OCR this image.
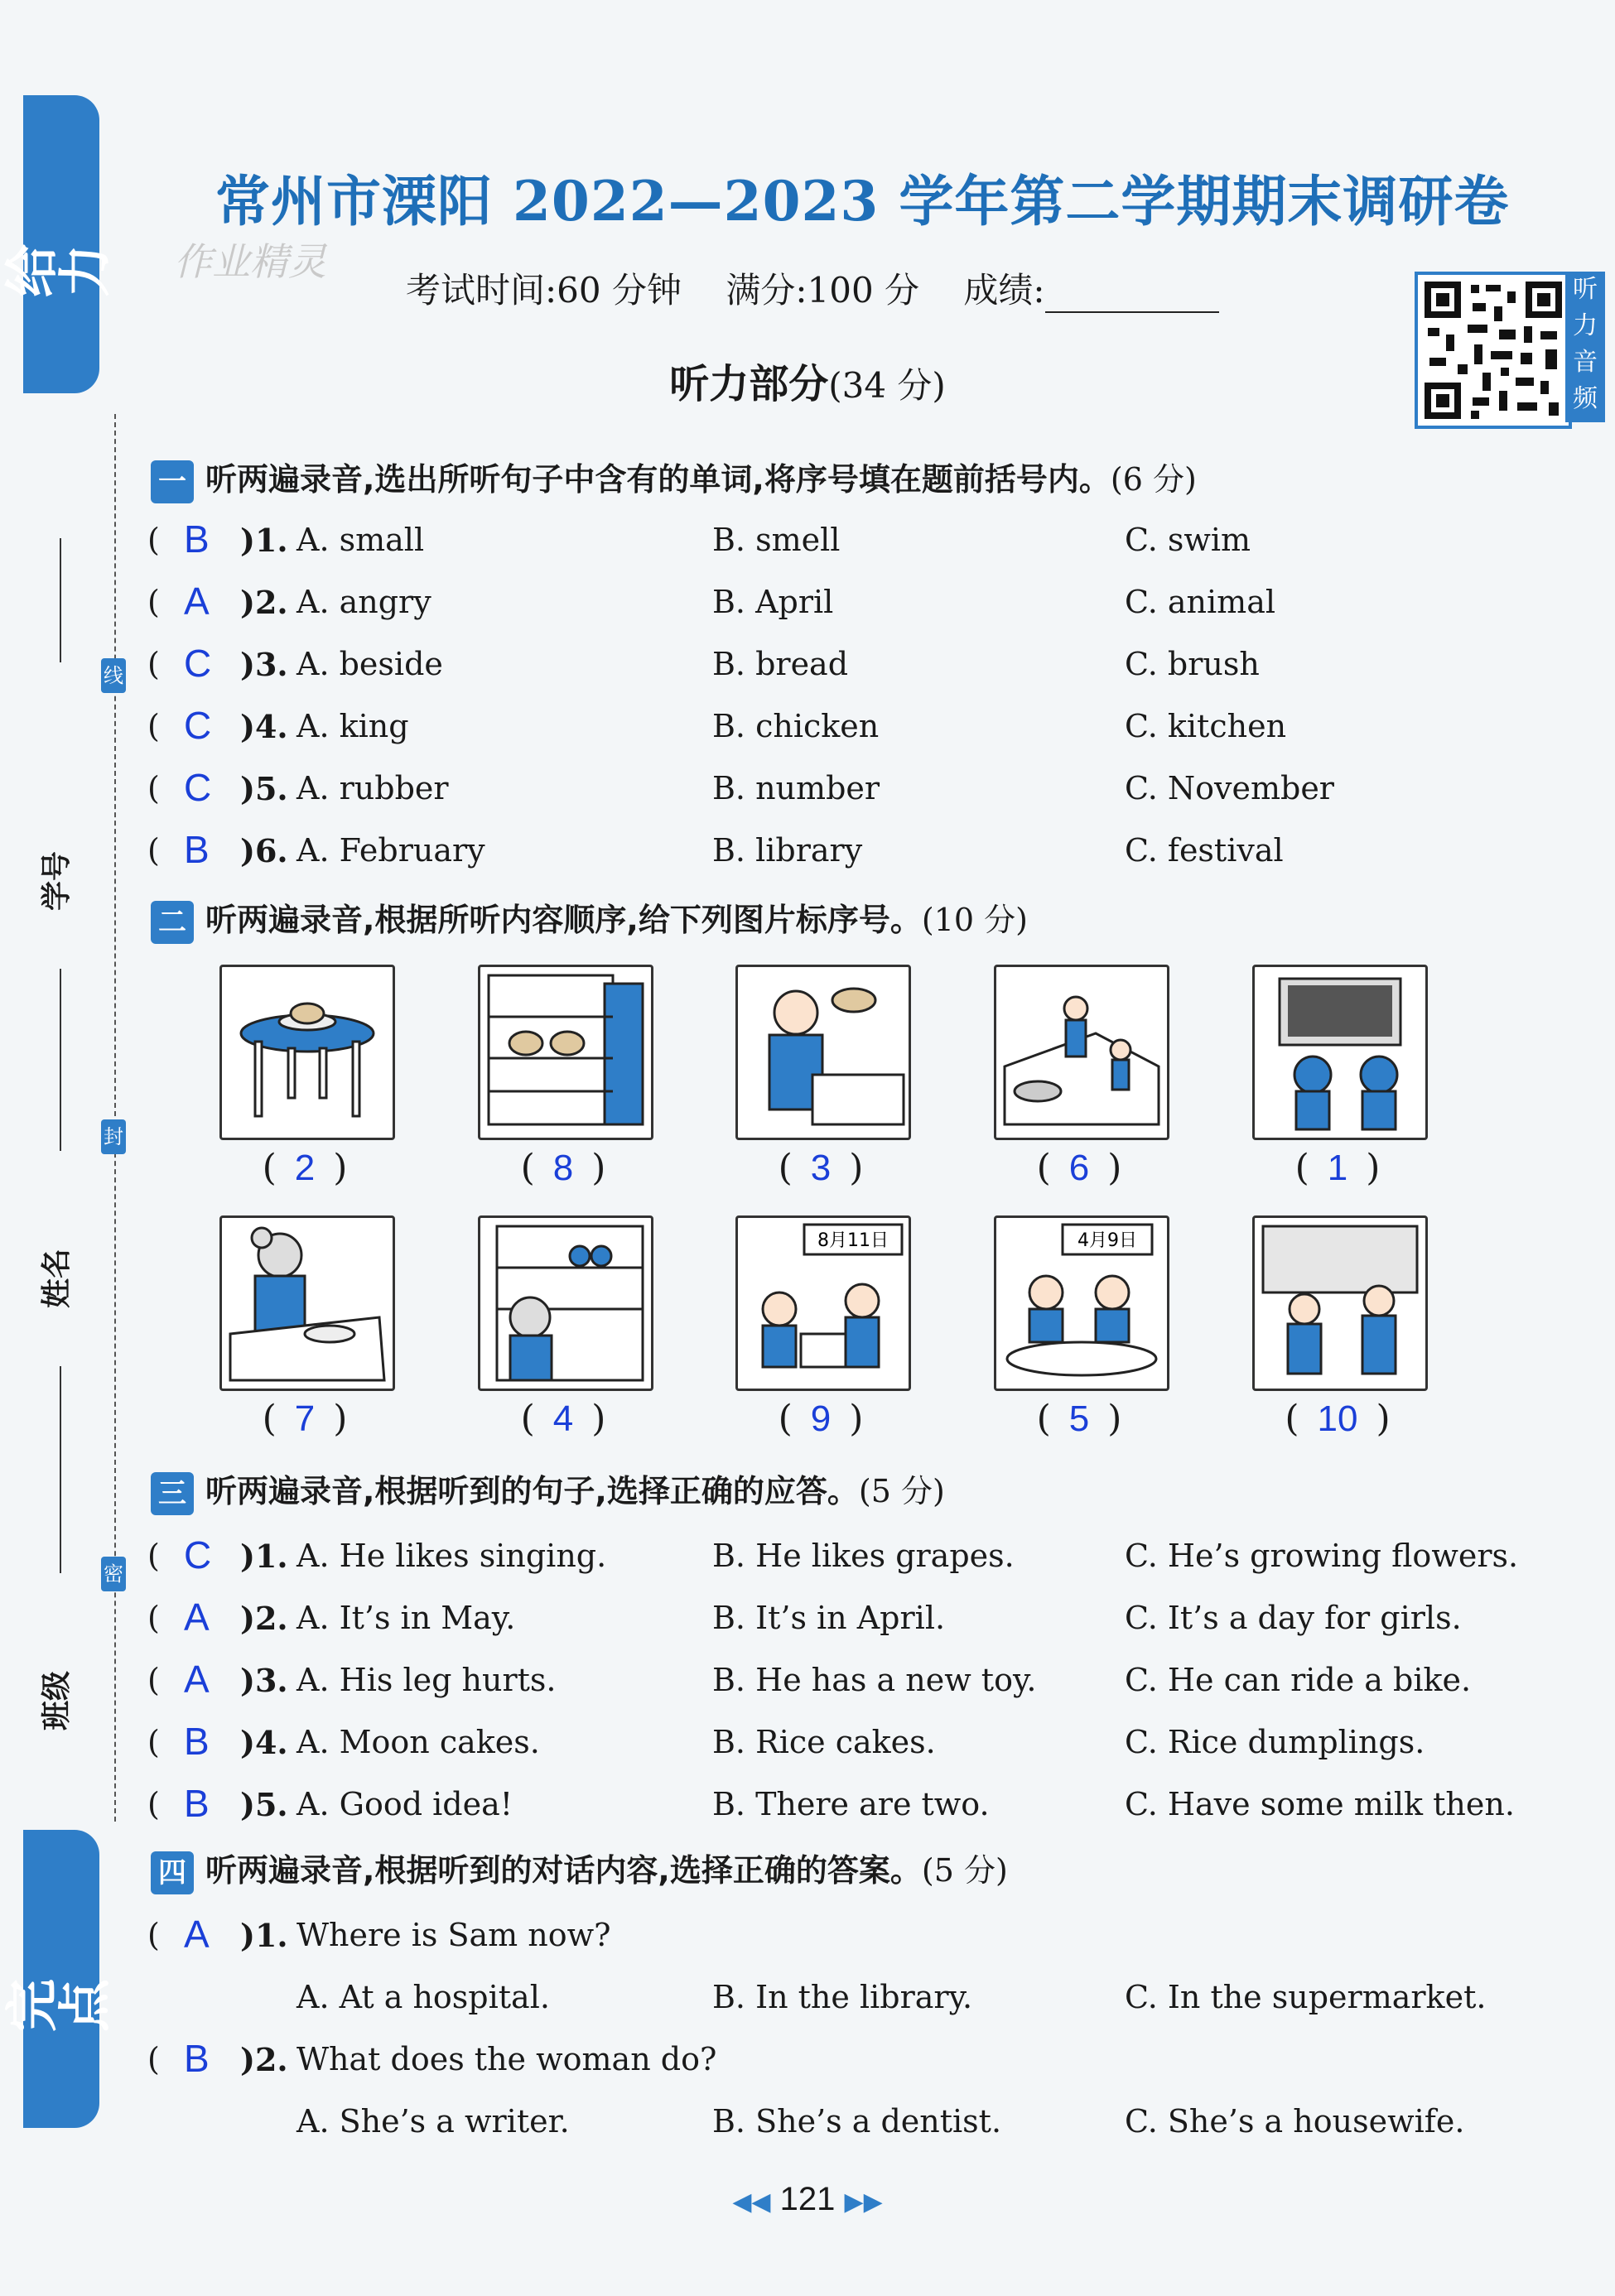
给力
线
封
密
学号
姓名
班级
完点
常州市溧阳 2022—2023 学年第二学期期末调研卷
作业精灵
考试时间:60 分钟    满分:100 分    成绩:	听力音频
听力部分(34 分)
一 听两遍录音,选出所听句子中含有的单词,将序号填在题前括号内。(6 分)
二 听两遍录音,根据所听内容顺序,给下列图片标序号。(10 分)
( 2 )	( 8 )	( 3 )	( 6 )	( 1 )
8月11日	4月9日
( 7 )	( 4 )	( 9 )	( 5 )	( 10 )
三 听两遍录音,根据听到的句子,选择正确的应答。(5 分)
四 听两遍录音,根据听到的对话内容,选择正确的答案。(5 分)
◀◀ 121 ▶▶
( B )1. A. small	B. smell	C. swim
( A )2. A. angry	B. April	C. animal
( C )3. A. beside	B. bread	C. brush
( C )4. A. king	B. chicken	C. kitchen
( C )5. A. rubber	B. number	C. November
( B )6. A. February	B. library	C. festival
( C )1. A. He likes singing.	B. He likes grapes.	C. He’s growing flowers.
( A )2. A. It’s in May.	B. It’s in April.	C. It’s a day for girls.
( A )3. A. His leg hurts.	B. He has a new toy.	C. He can ride a bike.
( B )4. A. Moon cakes.	B. Rice cakes.	C. Rice dumplings.
( B )5. A. Good idea!	B. There are two.	C. Have some milk then.
( A )1. Where is Sam now?
A. At a hospital.	B. In the library.	C. In the supermarket.
( B )2. What does the woman do?
A. She’s a writer.	B. She’s a dentist.	C. She’s a housewife.
